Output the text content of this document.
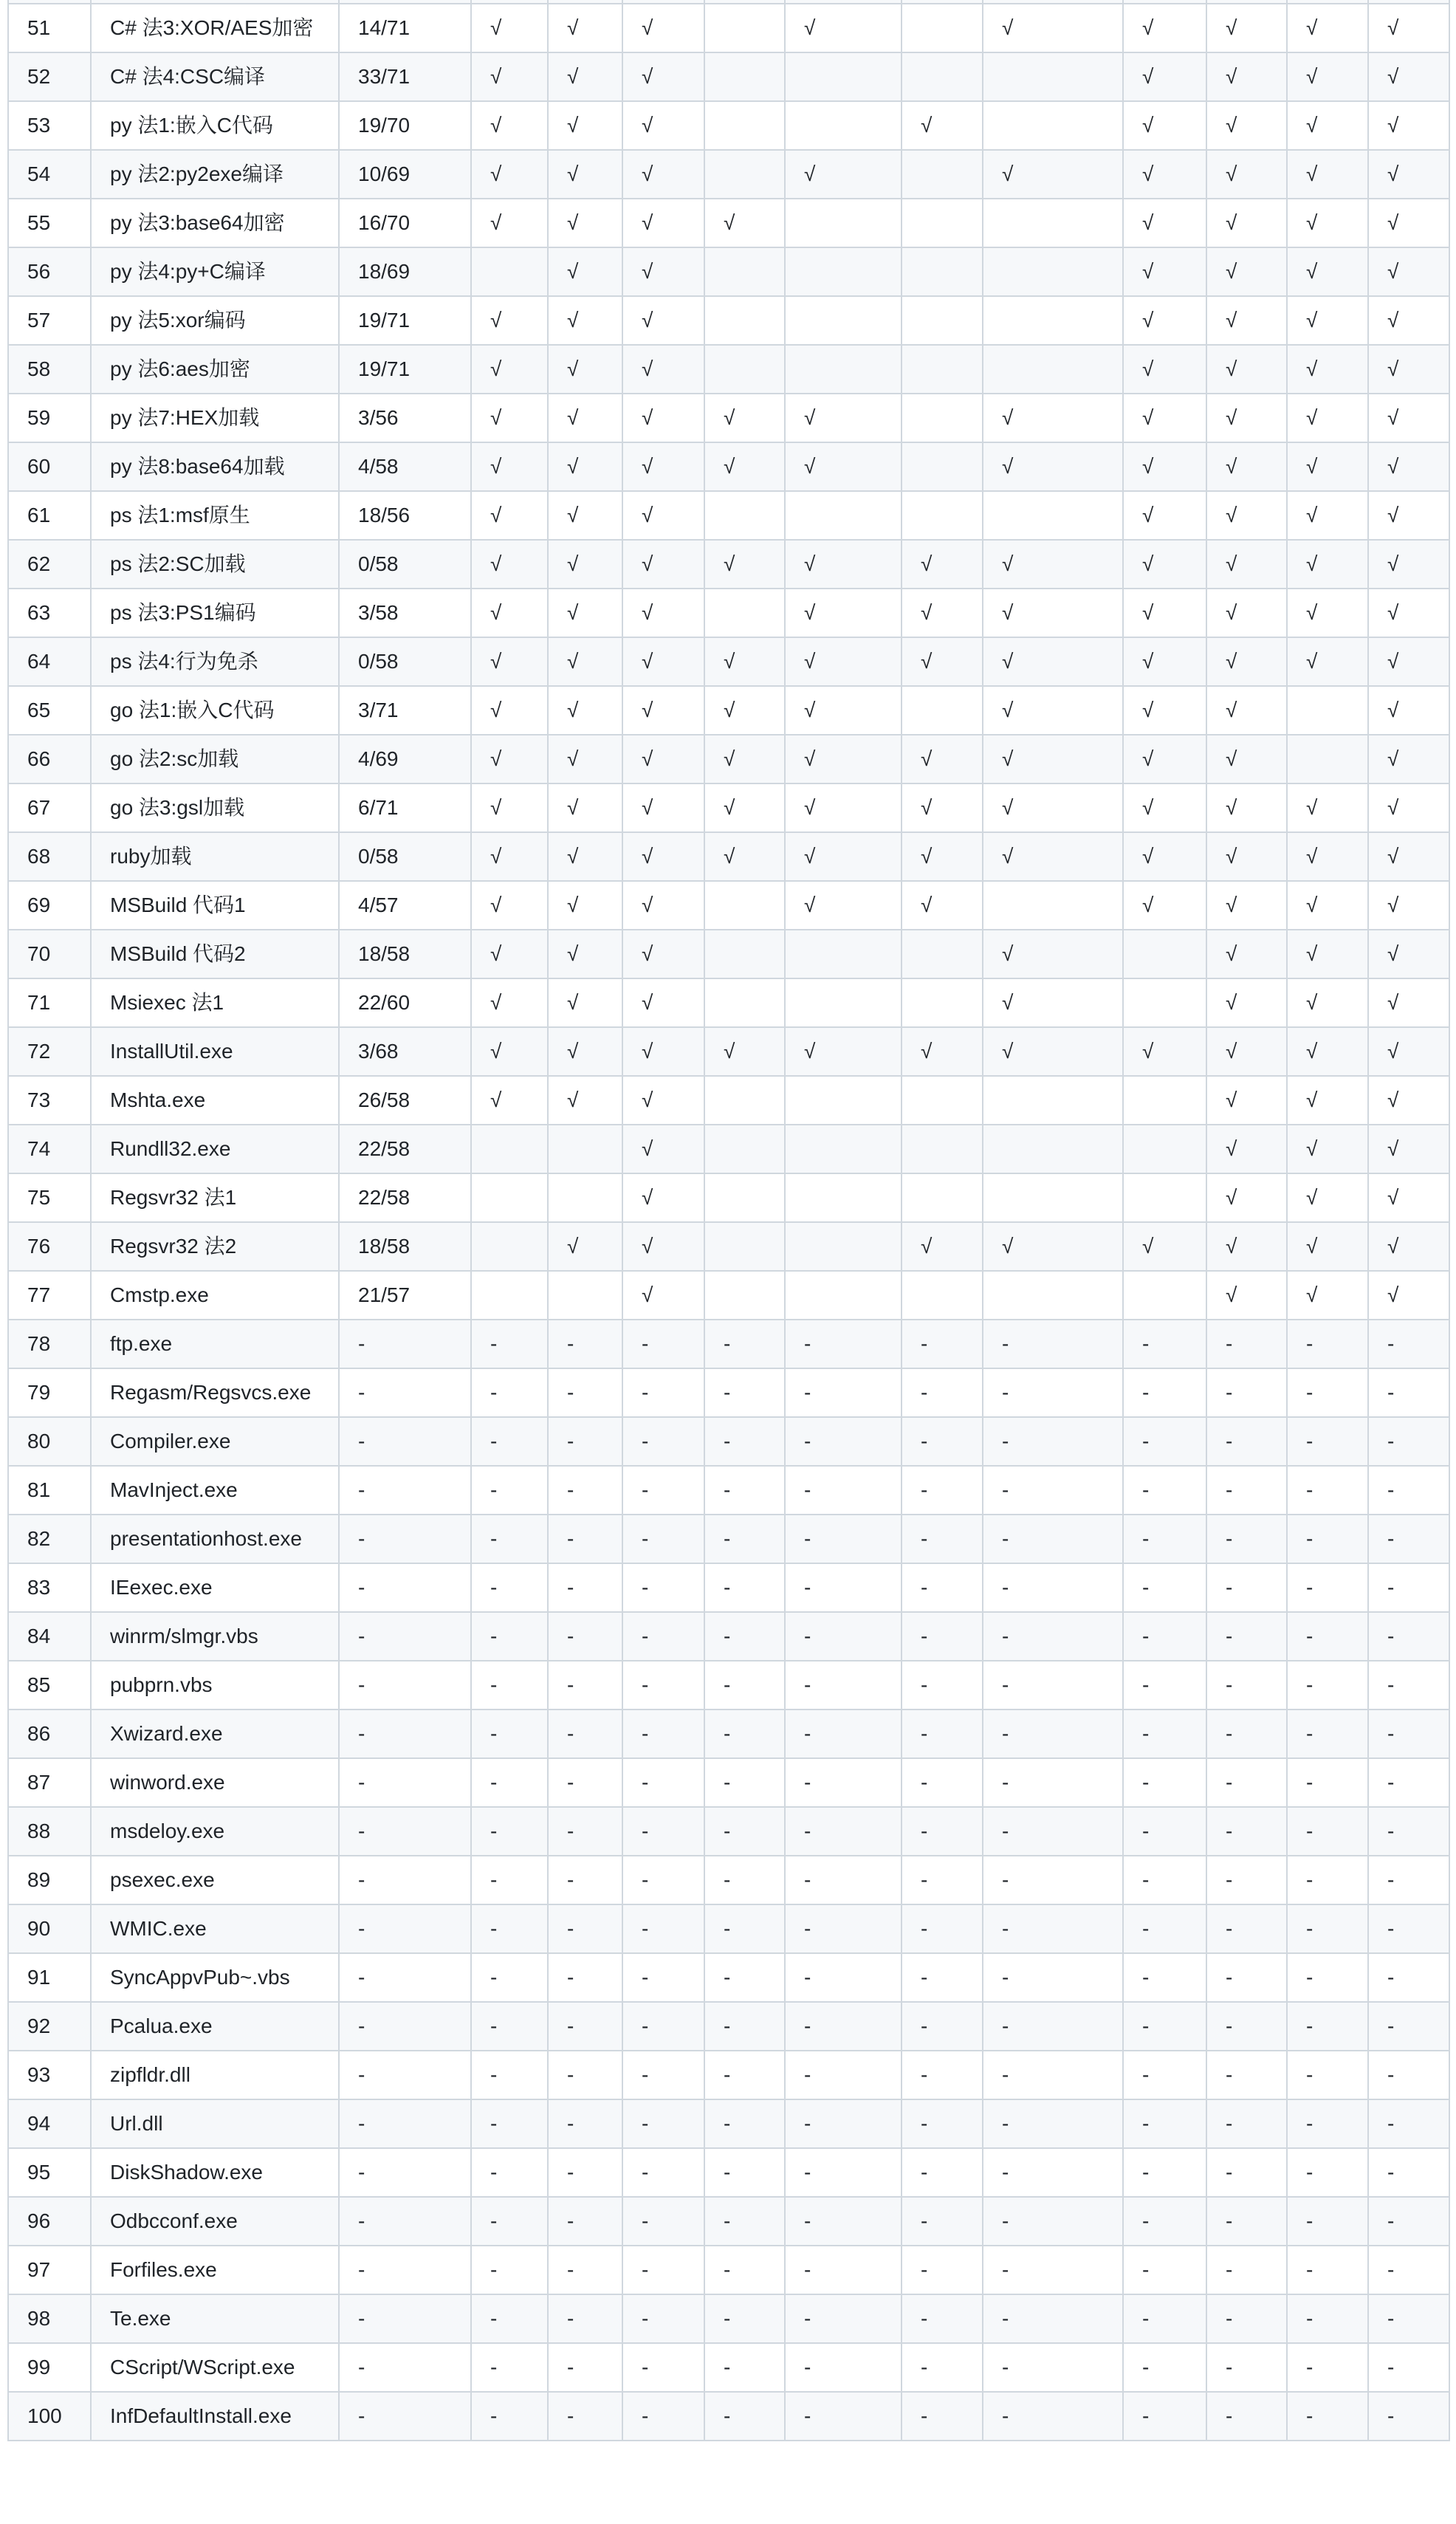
51	C# 法3:XOR/AES加密	14/71	√	√	√		√		√	√	√	√	√
52	C# 法4:CSC编译	33/71	√	√	√					√	√	√	√
53	py 法1:嵌入C代码	19/70	√	√	√			√		√	√	√	√
54	py 法2:py2exe编译	10/69	√	√	√		√		√	√	√	√	√
55	py 法3:base64加密	16/70	√	√	√	√				√	√	√	√
56	py 法4:py+C编译	18/69		√	√					√	√	√	√
57	py 法5:xor编码	19/71	√	√	√					√	√	√	√
58	py 法6:aes加密	19/71	√	√	√					√	√	√	√
59	py 法7:HEX加载	3/56	√	√	√	√	√		√	√	√	√	√
60	py 法8:base64加载	4/58	√	√	√	√	√		√	√	√	√	√
61	ps 法1:msf原生	18/56	√	√	√					√	√	√	√
62	ps 法2:SC加载	0/58	√	√	√	√	√	√	√	√	√	√	√
63	ps 法3:PS1编码	3/58	√	√	√		√	√	√	√	√	√	√
64	ps 法4:行为免杀	0/58	√	√	√	√	√	√	√	√	√	√	√
65	go 法1:嵌入C代码	3/71	√	√	√	√	√		√	√	√		√
66	go 法2:sc加载	4/69	√	√	√	√	√	√	√	√	√		√
67	go 法3:gsl加载	6/71	√	√	√	√	√	√	√	√	√	√	√
68	ruby加载	0/58	√	√	√	√	√	√	√	√	√	√	√
69	MSBuild 代码1	4/57	√	√	√		√	√		√	√	√	√
70	MSBuild 代码2	18/58	√	√	√				√		√	√	√
71	Msiexec 法1	22/60	√	√	√				√		√	√	√
72	InstallUtil.exe	3/68	√	√	√	√	√	√	√	√	√	√	√
73	Mshta.exe	26/58	√	√	√						√	√	√
74	Rundll32.exe	22/58			√						√	√	√
75	Regsvr32 法1	22/58			√						√	√	√
76	Regsvr32 法2	18/58		√	√			√	√	√	√	√	√
77	Cmstp.exe	21/57			√						√	√	√
78	ftp.exe	-	-	-	-	-	-	-	-	-	-	-	-
79	Regasm/Regsvcs.exe	-	-	-	-	-	-	-	-	-	-	-	-
80	Compiler.exe	-	-	-	-	-	-	-	-	-	-	-	-
81	MavInject.exe	-	-	-	-	-	-	-	-	-	-	-	-
82	presentationhost.exe	-	-	-	-	-	-	-	-	-	-	-	-
83	IEexec.exe	-	-	-	-	-	-	-	-	-	-	-	-
84	winrm/slmgr.vbs	-	-	-	-	-	-	-	-	-	-	-	-
85	pubprn.vbs	-	-	-	-	-	-	-	-	-	-	-	-
86	Xwizard.exe	-	-	-	-	-	-	-	-	-	-	-	-
87	winword.exe	-	-	-	-	-	-	-	-	-	-	-	-
88	msdeloy.exe	-	-	-	-	-	-	-	-	-	-	-	-
89	psexec.exe	-	-	-	-	-	-	-	-	-	-	-	-
90	WMIC.exe	-	-	-	-	-	-	-	-	-	-	-	-
91	SyncAppvPub~.vbs	-	-	-	-	-	-	-	-	-	-	-	-
92	Pcalua.exe	-	-	-	-	-	-	-	-	-	-	-	-
93	zipfldr.dll	-	-	-	-	-	-	-	-	-	-	-	-
94	Url.dll	-	-	-	-	-	-	-	-	-	-	-	-
95	DiskShadow.exe	-	-	-	-	-	-	-	-	-	-	-	-
96	Odbcconf.exe	-	-	-	-	-	-	-	-	-	-	-	-
97	Forfiles.exe	-	-	-	-	-	-	-	-	-	-	-	-
98	Te.exe	-	-	-	-	-	-	-	-	-	-	-	-
99	CScript/WScript.exe	-	-	-	-	-	-	-	-	-	-	-	-
100	InfDefaultInstall.exe	-	-	-	-	-	-	-	-	-	-	-	-
